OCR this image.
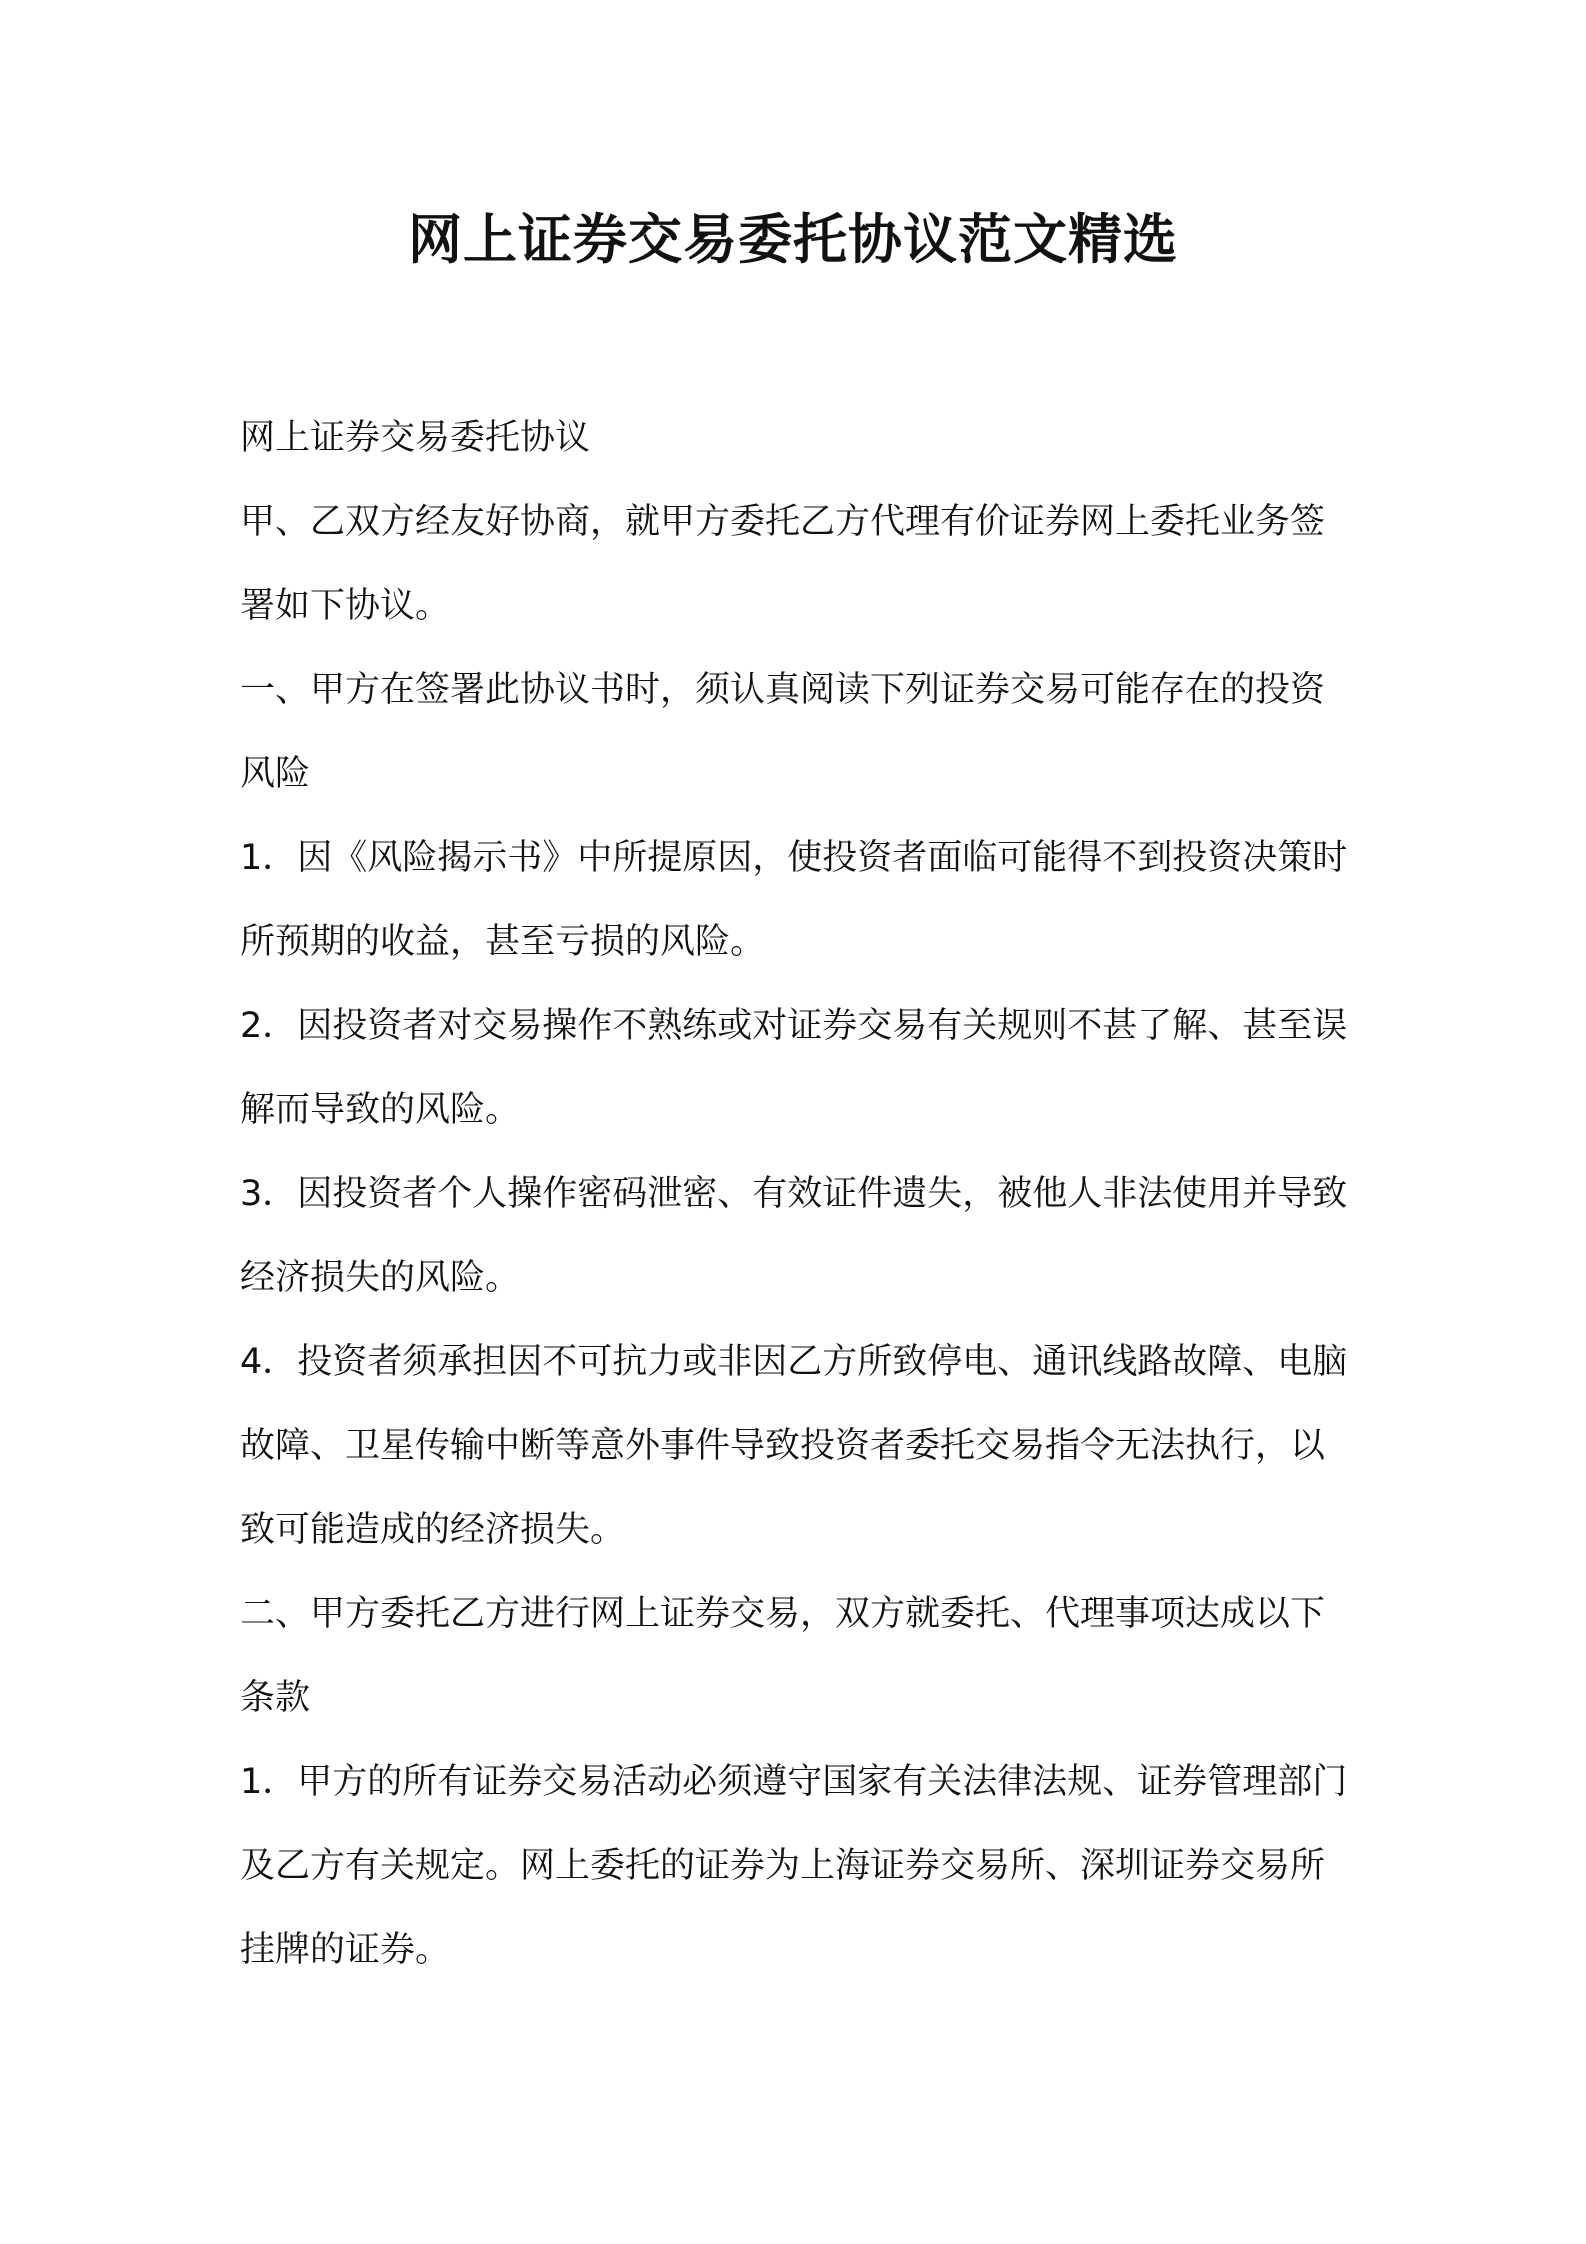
网上证券交易委托协议范文精选

网上证券交易委托协议

甲、乙双方经友好协商，就甲方委托乙方代理有价证券网上委托业务签署如下协议。

一、甲方在签署此协议书时，须认真阅读下列证券交易可能存在的投资风险

1．因《风险揭示书》中所提原因，使投资者面临可能得不到投资决策时所预期的收益，甚至亏损的风险。

2．因投资者对交易操作不熟练或对证券交易有关规则不甚了解、甚至误解而导致的风险。

3．因投资者个人操作密码泄密、有效证件遗失，被他人非法使用并导致经济损失的风险。

4．投资者须承担因不可抗力或非因乙方所致停电、通讯线路故障、电脑故障、卫星传输中断等意外事件导致投资者委托交易指令无法执行，以致可能造成的经济损失。

二、甲方委托乙方进行网上证券交易，双方就委托、代理事项达成以下条款

1．甲方的所有证券交易活动必须遵守国家有关法律法规、证券管理部门及乙方有关规定。网上委托的证券为上海证券交易所、深圳证券交易所挂牌的证券。
